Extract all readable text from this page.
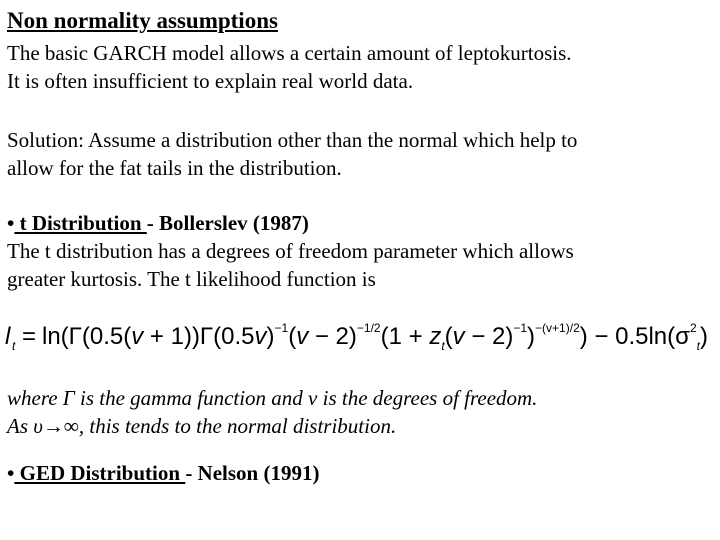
Non normality assumptions
The basic GARCH model allows a certain amount of leptokurtosis.
It is often insufficient to explain real world data.
Solution: Assume a distribution other than the normal which help to
allow for the fat tails in the distribution.
• t Distribution - Bollerslev (1987)
The t distribution has a degrees of freedom parameter which allows
greater kurtosis. The t likelihood function is
l $t = \ln(\Gamma(0.5(v + 1))\Gamma(0.5v)^{-1}(v - 2)^{-1/2}(1 + z_t(v - 2)^{-1})^{-(v+1)/2}) - 0.5\ln(\sigma^2_t)$
where Γ is the gamma function and ν is the degrees of freedom.
As υ→∞, this tends to the normal distribution.
• GED Distribution - Nelson (1991)
